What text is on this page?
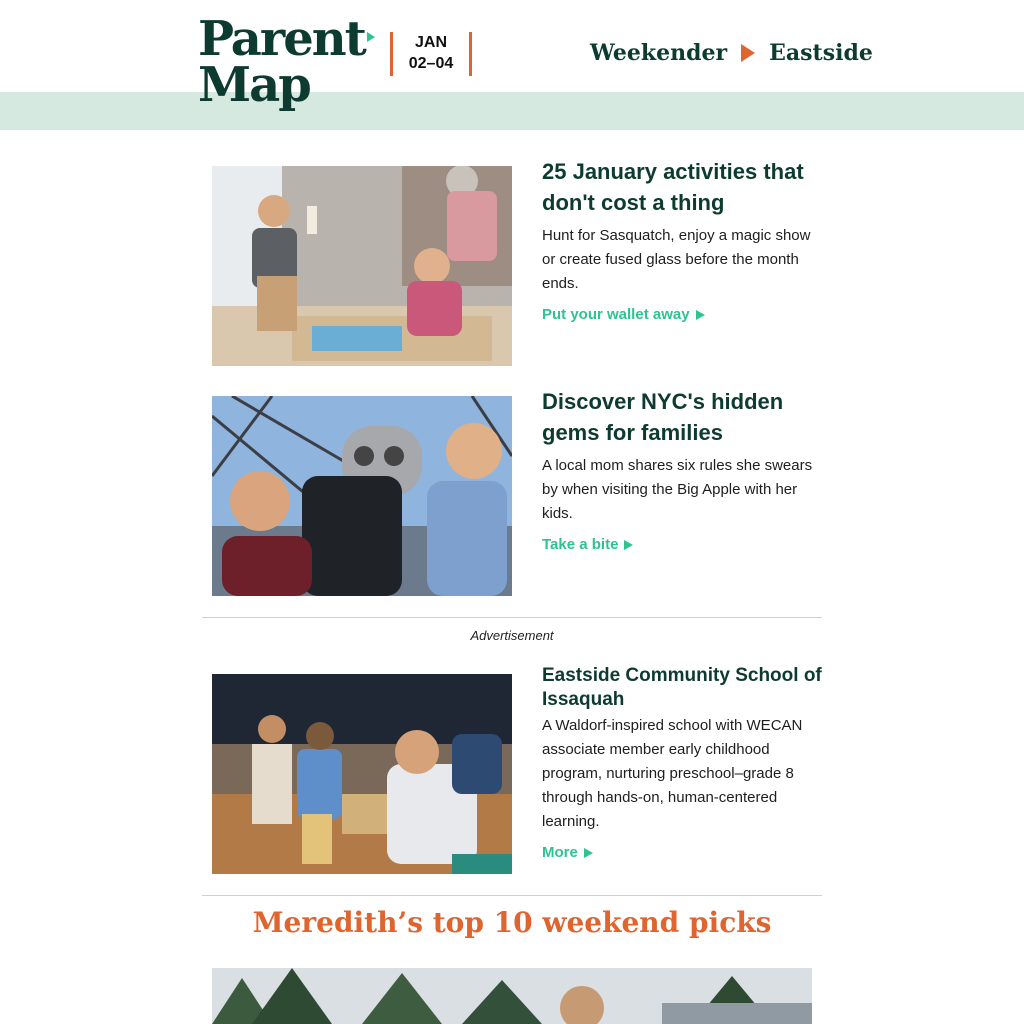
Parent
Map
JAN
02–04	Weekender Eastside
25 January activities that don't cost a thing

Hunt for Sasquatch, enjoy a magic show or create fused glass before the month ends.

Put your wallet away
Discover NYC's hidden gems for families

A local mom shares six rules she swears by when visiting the Big Apple with her kids.

Take a bite
Advertisement
Eastside Community School of Issaquah

A Waldorf-inspired school with WECAN associate member early childhood program, nurturing preschool–grade 8 through hands-on, human-centered learning.

More
Meredith’s top 10 weekend picks
